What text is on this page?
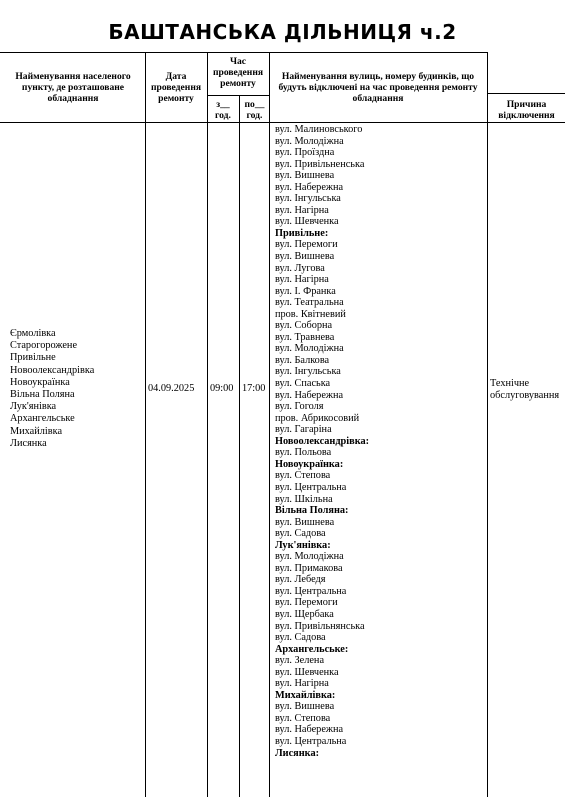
БАШТАНСЬКА ДІЛЬНИЦЯ ч.2
Найменування населеного пункту, де розташоване обладнання
Дата проведення ремонту
Час проведення ремонту
з__ год.
по__ год.
Найменування вулиць, номеру будинків, що будуть відключені на час проведення ремонту обладнання
Причина відключення
Єрмолівка
Старогорожене
Привільне
Новоолександрівка
Новоукраїнка
Вільна Поляна
Лук'янівка
Архангельське
Михайлівка
Лисянка
04.09.2025	09:00 17:00	Технічне обслуговування
вул. Малиновського
вул. Молодіжна
вул. Проїздна
вул. Привільненська
вул. Вишнева
вул. Набережна
вул. Інгульська
вул. Нагірна
вул. Шевченка
Привільне:
вул. Перемоги
вул. Вишнева
вул. Лугова
вул. Нагірна
вул. І. Франка
вул. Театральна
пров. Квітневий
вул. Соборна
вул. Травнева
вул. Молодіжна
вул. Балкова
вул. Інгульська
вул. Спаська
вул. Набережна
вул. Гоголя
пров. Абрикосовий
вул. Гагаріна
Новоолександрівка:
вул. Польова
Новоукраїнка:
вул. Степова
вул. Центральна
вул. Шкільна
Вільна Поляна:
вул. Вишнева
вул. Садова
Лук'янівка:
вул. Молодіжна
вул. Примакова
вул. Лебедя
вул. Центральна
вул. Перемоги
вул. Щербака
вул. Привільнянська
вул. Садова
Архангельське:
вул. Зелена
вул. Шевченка
вул. Нагірна
Михайлівка:
вул. Вишнева
вул. Степова
вул. Набережна
вул. Центральна
Лисянка:
